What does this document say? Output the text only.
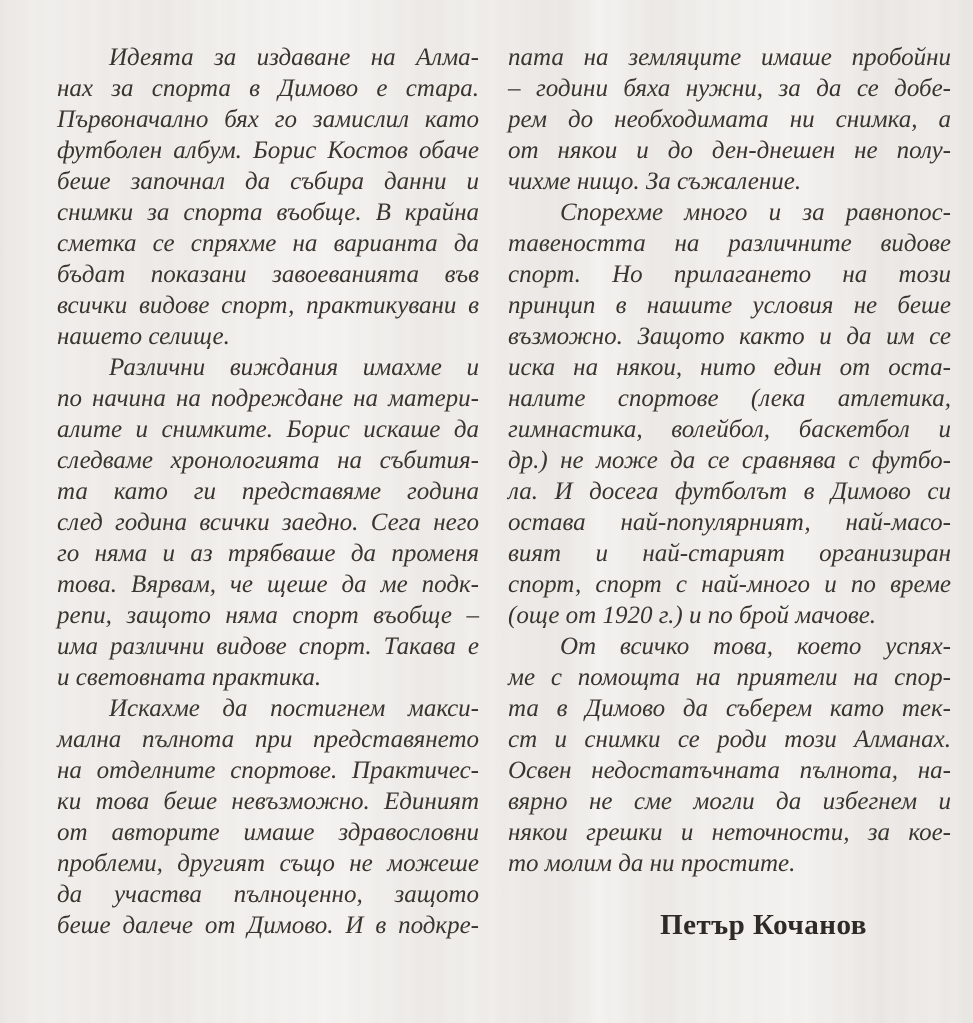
Идеята за издаване на Алма-
нах за спорта в Димово е стара.
Първоначално бях го замислил като
футболен албум. Борис Костов обаче
беше започнал да събира данни и
снимки за спорта въобще. В крайна
сметка се спряхме на варианта да
бъдат показани завоеванията във
всички видове спорт, практикувани в
нашето селище.
Различни виждания имахме и
по начина на подреждане на матери-
алите и снимките. Борис искаше да
следваме хронологията на събития-
та като ги представяме година
след година всички заедно. Сега него
го няма и аз трябваше да променя
това. Вярвам, че щеше да ме подк-
репи, защото няма спорт въобще –
има различни видове спорт. Такава е
и световната практика.
Искахме да постигнем макси-
мална пълнота при представянето
на отделните спортове. Практичес-
ки това беше невъзможно. Единият
от авторите имаше здравословни
проблеми, другият също не можеше
да участва пълноценно, защото
беше далече от Димово. И в подкре-
пата на земляците имаше пробойни
– години бяха нужни, за да се добе-
рем до необходимата ни снимка, а
от някои и до ден-днешен не полу-
чихме нищо. За съжаление.
Спорехме много и за равнопос-
тавеността на различните видове
спорт. Но прилагането на този
принцип в нашите условия не беше
възможно. Защото както и да им се
иска на някои, нито един от оста-
налите спортове (лека атлетика,
гимнастика, волейбол, баскетбол и
др.) не може да се сравнява с футбо-
ла. И досега футболът в Димово си
остава най-популярният, най-масо-
вият и най-старият организиран
спорт, спорт с най-много и по време
(още от 1920 г.) и по брой мачове.
От всичко това, което успях-
ме с помощта на приятели на спор-
та в Димово да съберем като тек-
ст и снимки се роди този Алманах.
Освен недостатъчната пълнота, на-
вярно не сме могли да избегнем и
някои грешки и неточности, за кое-
то молим да ни простите.
Петър Кочанов
